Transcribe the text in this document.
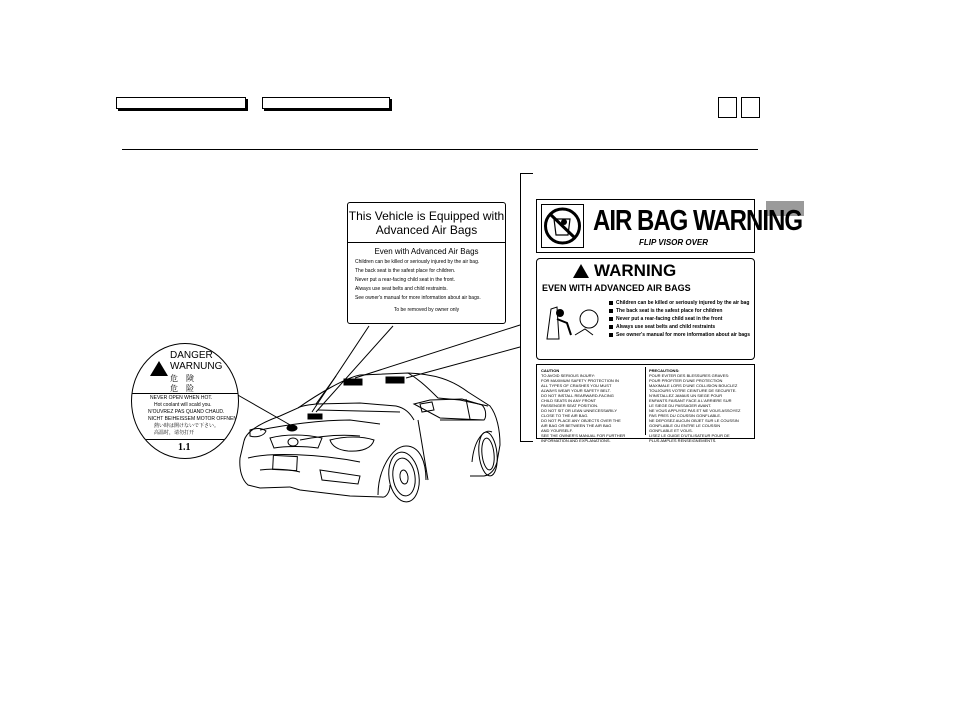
This Vehicle is Equipped with
Advanced Air Bags
Even with Advanced Air Bags
Children can be killed or seriously injured by the air bag.
The back seat is the safest place for children.
Never put a rear-facing child seat in the front.
Always use seat belts and child restraints.
See owner's manual for more information about air bags.
To be removed by owner only
DANGER
WARNUNG
危　険
危　险
NEVER OPEN WHEN HOT.
Hot coolant will scald you.
N'OUVREZ PAS QUAND CHAUD.
NICHT BEIHEISSEM MOTOR OFFNEN.
熱い時は開けないで下さい。
高温时，请勿打开
1.1
AIR BAG WARNING
FLIP VISOR OVER
WARNING
EVEN WITH ADVANCED AIR BAGS
Children can be killed or seriously injured by the air bag
The back seat is the safest place for children
Never put a rear-facing child seat in the front
Always use seat belts and child restraints
See owner's manual for more information about air bags
CAUTION
TO AVOID SERIOUS INJURY:
FOR MAXIMUM SAFETY PROTECTION IN
ALL TYPES OF CRASHES YOU MUST
ALWAYS WEAR YOUR SAFETY BELT.
DO NOT INSTALL REARWARD-FACING
CHILD SEATS IN ANY FRONT
PASSENGER SEAT POSITION.
DO NOT SIT OR LEAN UNNECESSARILY
CLOSE TO THE AIR BAG.
DO NOT PLACE ANY OBJECTS OVER THE
AIR BAG OR BETWEEN THE AIR BAG
AND YOURSELF.
SEE THE OWNER'S MANUAL FOR FURTHER
INFORMATION AND EXPLANATIONS.
PRECAUTIONS:
POUR EVITER DES BLESSURES GRAVES:
POUR PROFITER D'UNE PROTECTION
MAXIMALE LORS D'UNE COLLISION BOUCLEZ
TOUJOURS VOTRE CEINTURE DE SECURITE.
N'INSTALLEZ JAMAIS UN SIEGE POUR
ENFANTS FAISANT FACE A L'ARRIERE SUR
LE SIEGE DU PASSAGER AVANT.
NE VOUS APPUYEZ PAS ET NE VOUS ASSOYEZ
PAS PRES DU COUSSIN GONFLABLE.
NE DEPOSEZ AUCUN OBJET SUR LE COUSSIN
GONFLABLE OU ENTRE LE COUSSIN
GONFLABLE ET VOUS.
LISEZ LE GUIDE D'UTILISATEUR POUR DE
PLUS AMPLES RENSEIGNEMENTS.
